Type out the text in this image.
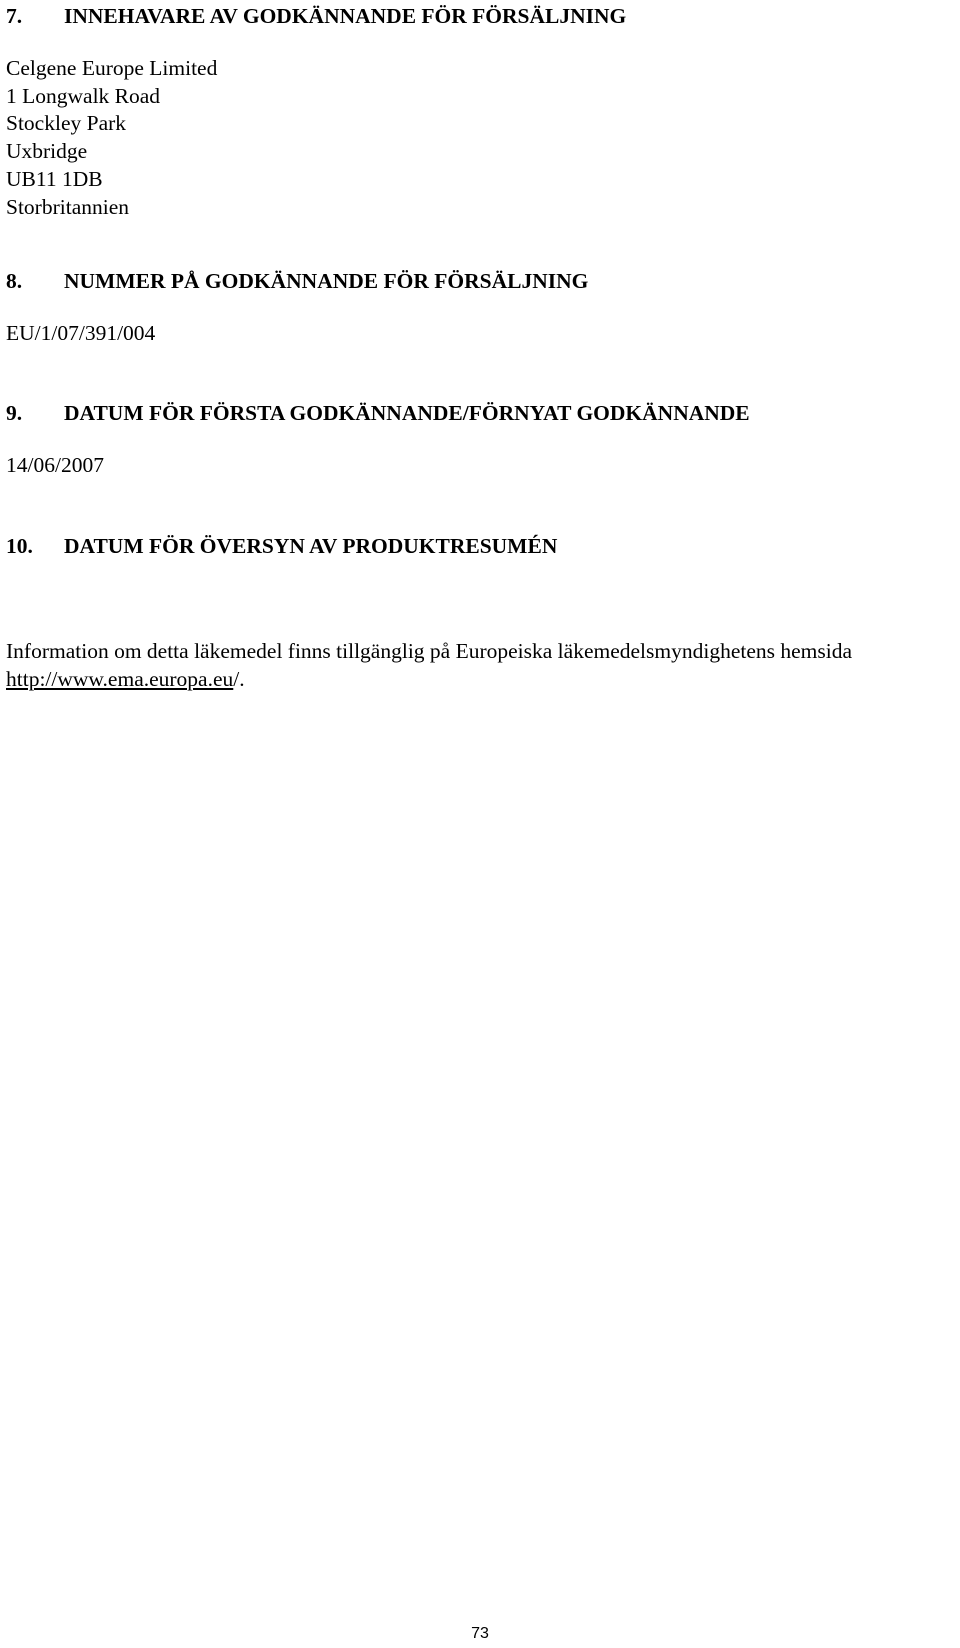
7. INNEHAVARE AV GODKÄNNANDE FÖR FÖRSÄLJNING
Celgene Europe Limited
1 Longwalk Road
Stockley Park
Uxbridge
UB11 1DB
Storbritannien
8. NUMMER PÅ GODKÄNNANDE FÖR FÖRSÄLJNING
EU/1/07/391/004
9. DATUM FÖR FÖRSTA GODKÄNNANDE/FÖRNYAT GODKÄNNANDE
14/06/2007
10. DATUM FÖR ÖVERSYN AV PRODUKTRESUMÉN
Information om detta läkemedel finns tillgänglig på Europeiska läkemedelsmyndighetens hemsida
http://www.ema.europa.eu/.
73
